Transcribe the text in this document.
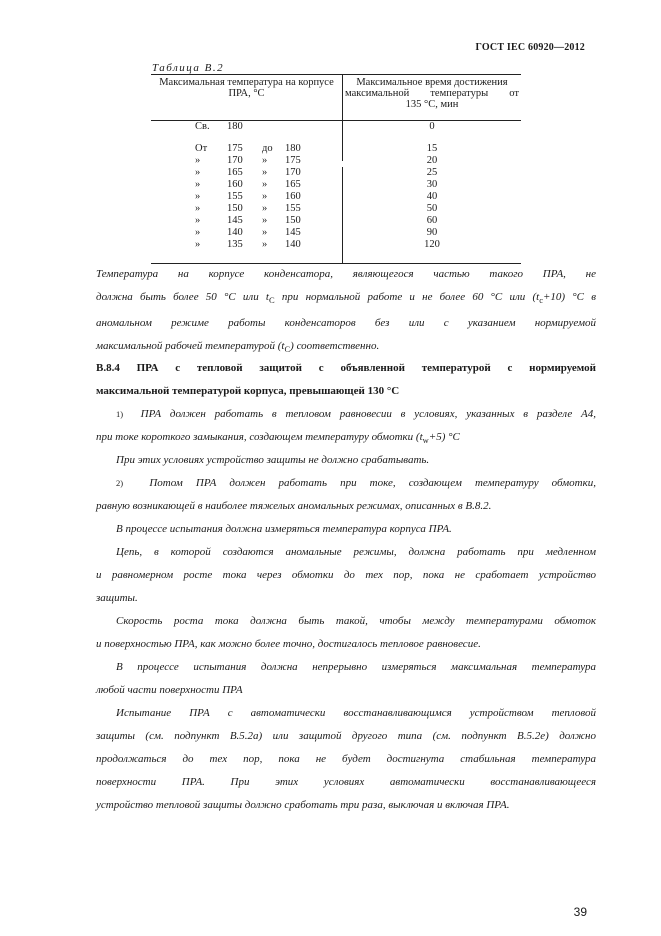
ГОСТ IEC 60920—2012
Таблица В.2
Максимальная температура на корпусе
ПРА, °С
Максимальное время достижения
максимальной температуры от
135 °С, мин
Св. 180	0
От 175 до 180	15
»	170 » 175	20
»	165 » 170	25
»	160 » 165	30
»	155 » 160	40
»	150 » 155	50
»	145 » 150	60
»	140 » 145	90
»	135 » 140	120

Температура на корпусе конденсатора, являющегося частью такого ПРА, не
должна быть более 50 °С или $t_C$ при нормальной работе и не более 60 °С или $(t_c+10)$ °С в
аномальном режиме работы конденсаторов без или с указанием нормируемой
максимальной рабочей температурой $(t_C)$ соответственно.

В.8.4 ПРА с тепловой защитой с объявленной температурой с нормируемой
максимальной температурой корпуса, превышающей 130 °С

1) ПРА должен работать в тепловом равновесии в условиях, указанных в разделе А4,
при токе короткого замыкания, создающем температуру обмотки $(t_w+5)$ °С

При этих условиях устройство защиты не должно срабатывать.

2) Потом ПРА должен работать при токе, создающем температуру обмотки,
равную возникающей в наиболее тяжелых аномальных режимах, описанных в В.8.2.

В процессе испытания должна измеряться температура корпуса ПРА.

Цепь, в которой создаются аномальные режимы, должна работать при медленном
и равномерном росте тока через обмотки до тех пор, пока не сработает устройство
защиты.

Скорость роста тока должна быть такой, чтобы между температурами обмоток
и поверхностью ПРА, как можно более точно, достигалось тепловое равновесие.

В процессе испытания должна непрерывно измеряться максимальная температура
любой части поверхности ПРА

Испытание ПРА с автоматически восстанавливающимся устройством тепловой
защиты (см. подпункт В.5.2а) или защитой другого типа (см. подпункт В.5.2е) должно
продолжаться до тех пор, пока не будет достигнута стабильная температура
поверхности ПРА. При этих условиях автоматически восстанавливающееся
устройство тепловой защиты должно сработать три раза, выключая и включая ПРА.

39
